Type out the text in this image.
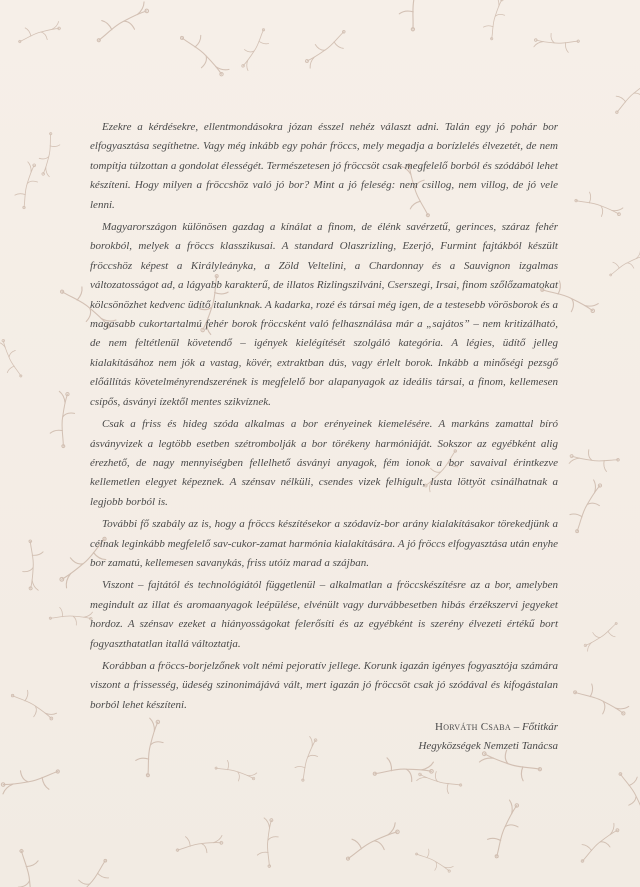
Ezekre a kérdésekre, ellentmondásokra józan ésszel nehéz választ adni. Talán egy jó pohár bor elfogyasztása segíthetne. Vagy még inkább egy pohár fröccs, mely megadja a borízlelés élvezetét, de nem tompítja túlzottan a gondolat élességét. Természetesen jó fröccsöt csak megfelelő borból és szódából lehet készíteni. Hogy milyen a fröccshöz való jó bor? Mint a jó feleség: nem csillog, nem villog, de jó vele lenni.

Magyarországon különösen gazdag a kínálat a finom, de élénk savérzetű, gerinces, száraz fehér borokból, melyek a fröccs klasszikusai. A standard Olaszrizling, Ezerjó, Furmint fajtákból készült fröccshöz képest a Királyleányka, a Zöld Veltelini, a Chardonnay és a Sauvignon izgalmas változatosságot ad, a lágyabb karakterű, de illatos Rizlingszilváni, Cserszegi, Irsai, finom szőlőzamatokat kölcsönözhet kedvenc üdítő italunknak. A kadarka, rozé és társai még igen, de a testesebb vörösborok és a magasabb cukortartalmú fehér borok fröccsként való felhasználása már a „sajátos” – nem kritizálható, de nem feltétlenül követendő – igények kielégítését szolgáló kategória. A légies, üdítő jelleg kialakításához nem jók a vastag, kövér, extraktban dús, vagy érlelt borok. Inkább a minőségi pezsgő előállítás követelményrendszerének is megfelelő bor alapanyagok az ideális társai, a finom, kellemesen csípős, ásványi ízektől mentes szikvíznek.

Csak a friss és hideg szóda alkalmas a bor erényeinek kiemelésére. A markáns zamattal bíró ásványvizek a legtöbb esetben szétrombolják a bor törékeny harmóniáját. Sokszor az egyébként alig érezhető, de nagy mennyiségben fellelhető ásványi anyagok, fém ionok a bor savaival érintkezve kellemetlen elegyet képeznek. A szénsav nélküli, csendes vizek felhígult, lusta löttyöt csinálhatnak a legjobb borból is.

További fő szabály az is, hogy a fröccs készítésekor a szódavíz-bor arány kialakításakor törekedjünk a célnak leginkább megfelelő sav-cukor-zamat harmónia kialakítására. A jó fröccs elfogyasztása után enyhe bor zamatú, kellemesen savanykás, friss utóíz marad a szájban.

Viszont – fajtától és technológiától függetlenül – alkalmatlan a fröccskészítésre az a bor, amelyben megindult az illat és aromaanyagok leépülése, elvénült vagy durvábbesetben hibás érzékszervi jegyeket hordoz. A szénsav ezeket a hiányosságokat felerősíti és az egyébként is szerény élvezeti értékű bort fogyaszthatatlan itallá változtatja.

Korábban a fröccs-borjelzőnek volt némi pejoratív jellege. Korunk igazán igényes fogyasztója számára viszont a frissesség, üdeség szinonimájává vált, mert igazán jó fröccsöt csak jó szódával és kifogástalan borból lehet készíteni.

Horváth Csaba – Főtitkár
Hegyközségek Nemzeti Tanácsa
